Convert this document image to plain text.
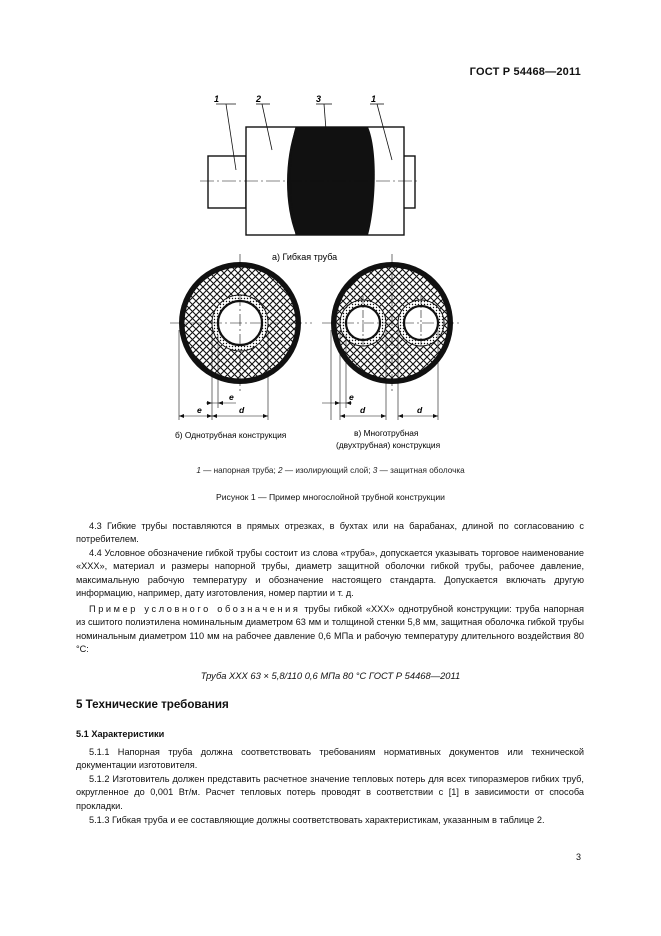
ГОСТ Р 54468—2011
1	2	3	1
а) Гибкая труба
e
e
d
б) Однотрубная конструкция
e
d	d
в) Многотрубная
(двухтрубная) конструкция
1 — напорная труба; 2 — изолирующий слой; 3 — защитная оболочка
Рисунок 1 — Пример многослойной трубной конструкции

4.3 Гибкие трубы поставляются в прямых отрезках, в бухтах или на барабанах, длиной по согласованию с потребителем.

4.4 Условное обозначение гибкой трубы состоит из слова «труба», допускается указывать торговое наименование «ХХХ», материал и размеры напорной трубы, диаметр защитной оболочки гибкой трубы, рабочее давление, максимальную рабочую температуру и обозначение настоящего стандарта. Допускается включать другую информацию, например, дату изготовления, номер партии и т. д.

Пример условного обозначения трубы гибкой «ХХХ» однотрубной конструкции: труба напорная из сшитого полиэтилена номинальным диаметром 63 мм и толщиной стенки 5,8 мм, защитная оболочка гибкой трубы номинальным диаметром 110 мм на рабочее давление 0,6 МПа и рабочую температуру длительного воздействия 80 °С:

Труба ХХХ 63 × 5,8/110 0,6 МПа 80 °С ГОСТ Р 54468—2011
5 Технические требования
5.1 Характеристики

5.1.1 Напорная труба должна соответствовать требованиям нормативных документов или технической документации изготовителя.

5.1.2 Изготовитель должен представить расчетное значение тепловых потерь для всех типоразмеров гибких труб, округленное до 0,001 Вт/м. Расчет тепловых потерь проводят в соответствии с [1] в зависимости от способа прокладки.

5.1.3 Гибкая труба и ее составляющие должны соответствовать характеристикам, указанным в таблице 2.

3
